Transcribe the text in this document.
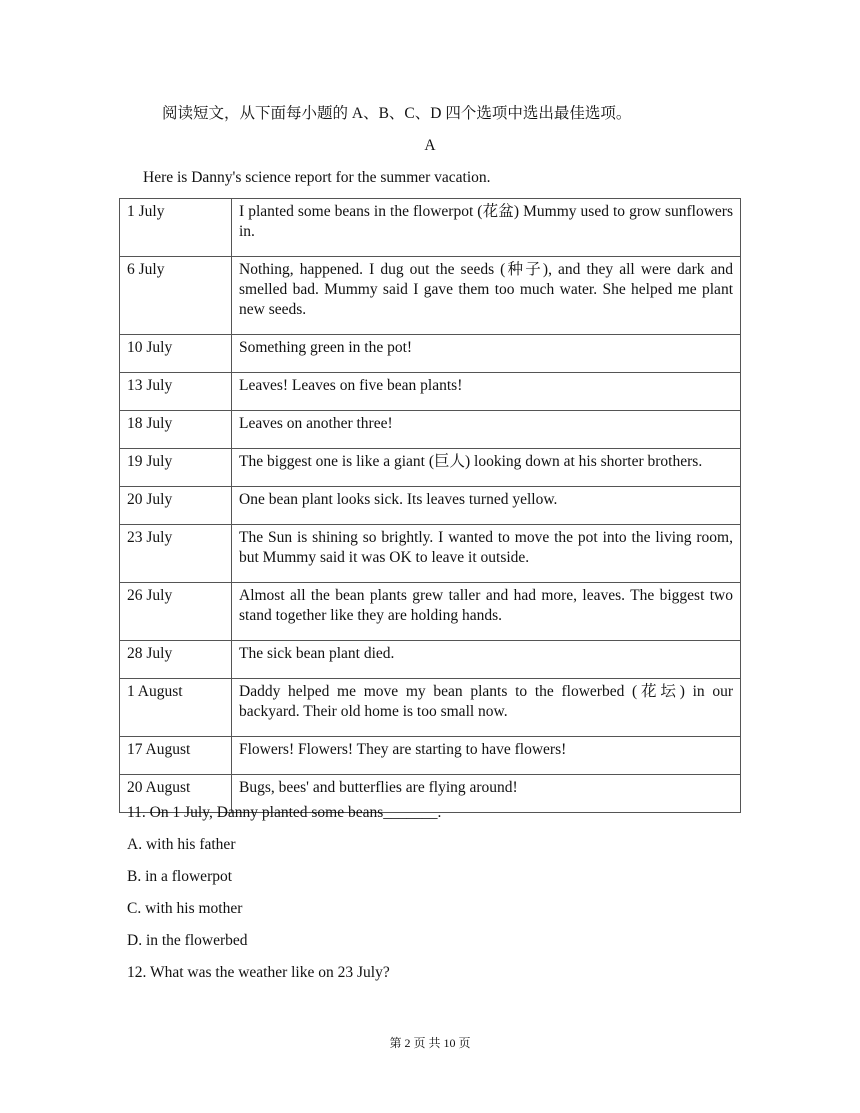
阅读短文，从下面每小题的 A、B、C、D 四个选项中选出最佳选项。
A
Here is Danny's science report for the summer vacation.
1 July	I planted some beans in the flowerpot (花盆) Mummy used to grow sunflowers in.
6 July	Nothing, happened. I dug out the seeds (种子), and they all were dark and smelled bad. Mummy said I gave them too much water. She helped me plant new seeds.
10 July	Something green in the pot!
13 July	Leaves! Leaves on five bean plants!
18 July	Leaves on another three!
19 July	The biggest one is like a giant (巨人) looking down at his shorter brothers.
20 July	One bean plant looks sick. Its leaves turned yellow.
23 July	The Sun is shining so brightly. I wanted to move the pot into the living room, but Mummy said it was OK to leave it outside.
26 July	Almost all the bean plants grew taller and had more, leaves. The biggest two stand together like they are holding hands.
28 July	The sick bean plant died.
1 August	Daddy helped me move my bean plants to the flowerbed (花坛) in our backyard. Their old home is too small now.
17 August	Flowers! Flowers! They are starting to have flowers!
20 August	Bugs, bees' and butterflies are flying around!
11. On 1 July, Danny planted some beans_______.
A. with his father
B. in a flowerpot
C. with his mother
D. in the flowerbed
12. What was the weather like on 23 July?
第 2 页 共 10 页
